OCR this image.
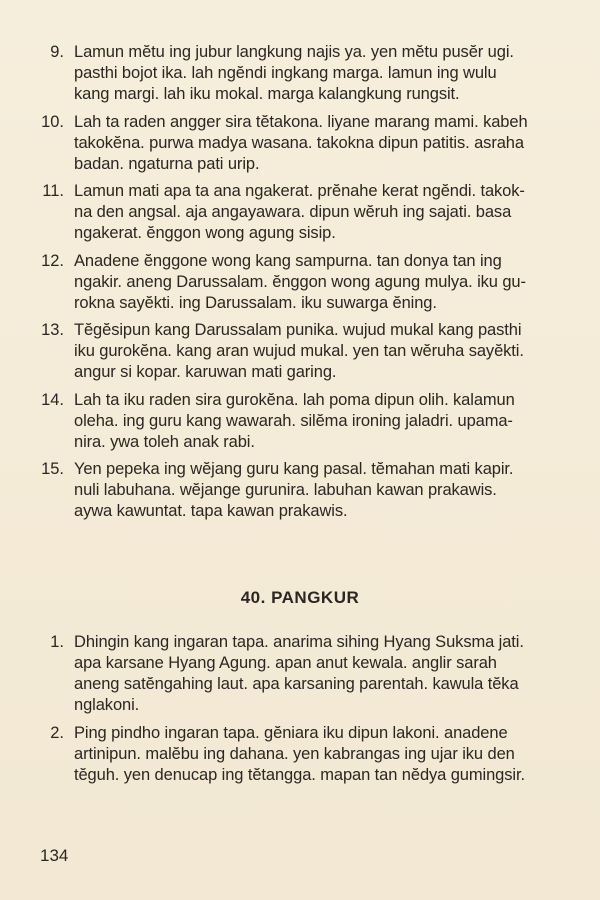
9. Lamun mĕtu ing jubur langkung najis ya. yen mĕtu pusĕr ugi.
pasthi bojot ika. lah ngĕndi ingkang marga. lamun ing wulu
kang margi. lah iku mokal. marga kalangkung rungsit.
10. Lah ta raden angger sira tĕtakona. liyane marang mami. kabeh
takokĕna. purwa madya wasana. takokna dipun patitis. asraha
badan. ngaturna pati urip.
11. Lamun mati apa ta ana ngakerat. prĕnahe kerat ngĕndi. takok-
na den angsal. aja angayawara. dipun wĕruh ing sajati. basa
ngakerat. ĕnggon wong agung sisip.
12. Anadene ĕnggone wong kang sampurna. tan donya tan ing
ngakir. aneng Darussalam. ĕnggon wong agung mulya. iku gu-
rokna sayĕkti. ing Darussalam. iku suwarga ĕning.
13. Tĕgĕsipun kang Darussalam punika. wujud mukal kang pasthi
iku gurokĕna. kang aran wujud mukal. yen tan wĕruha sayĕkti.
angur si kopar. karuwan mati garing.
14. Lah ta iku raden sira gurokĕna. lah poma dipun olih. kalamun
oleha. ing guru kang wawarah. silĕma ironing jaladri. upama-
nira. ywa toleh anak rabi.
15. Yen pepeka ing wĕjang guru kang pasal. tĕmahan mati kapir.
nuli labuhana. wĕjange gurunira. labuhan kawan prakawis.
aywa kawuntat. tapa kawan prakawis.
40. PANGKUR
1. Dhingin kang ingaran tapa. anarima sihing Hyang Suksma jati.
apa karsane Hyang Agung. apan anut kewala. anglir sarah
aneng satĕngahing laut. apa karsaning parentah. kawula tĕka
nglakoni.
2. Ping pindho ingaran tapa. gĕniara iku dipun lakoni. anadene
artinipun. malĕbu ing dahana. yen kabrangas ing ujar iku den
tĕguh. yen denucap ing tĕtangga. mapan tan nĕdya gumingsir.
134
